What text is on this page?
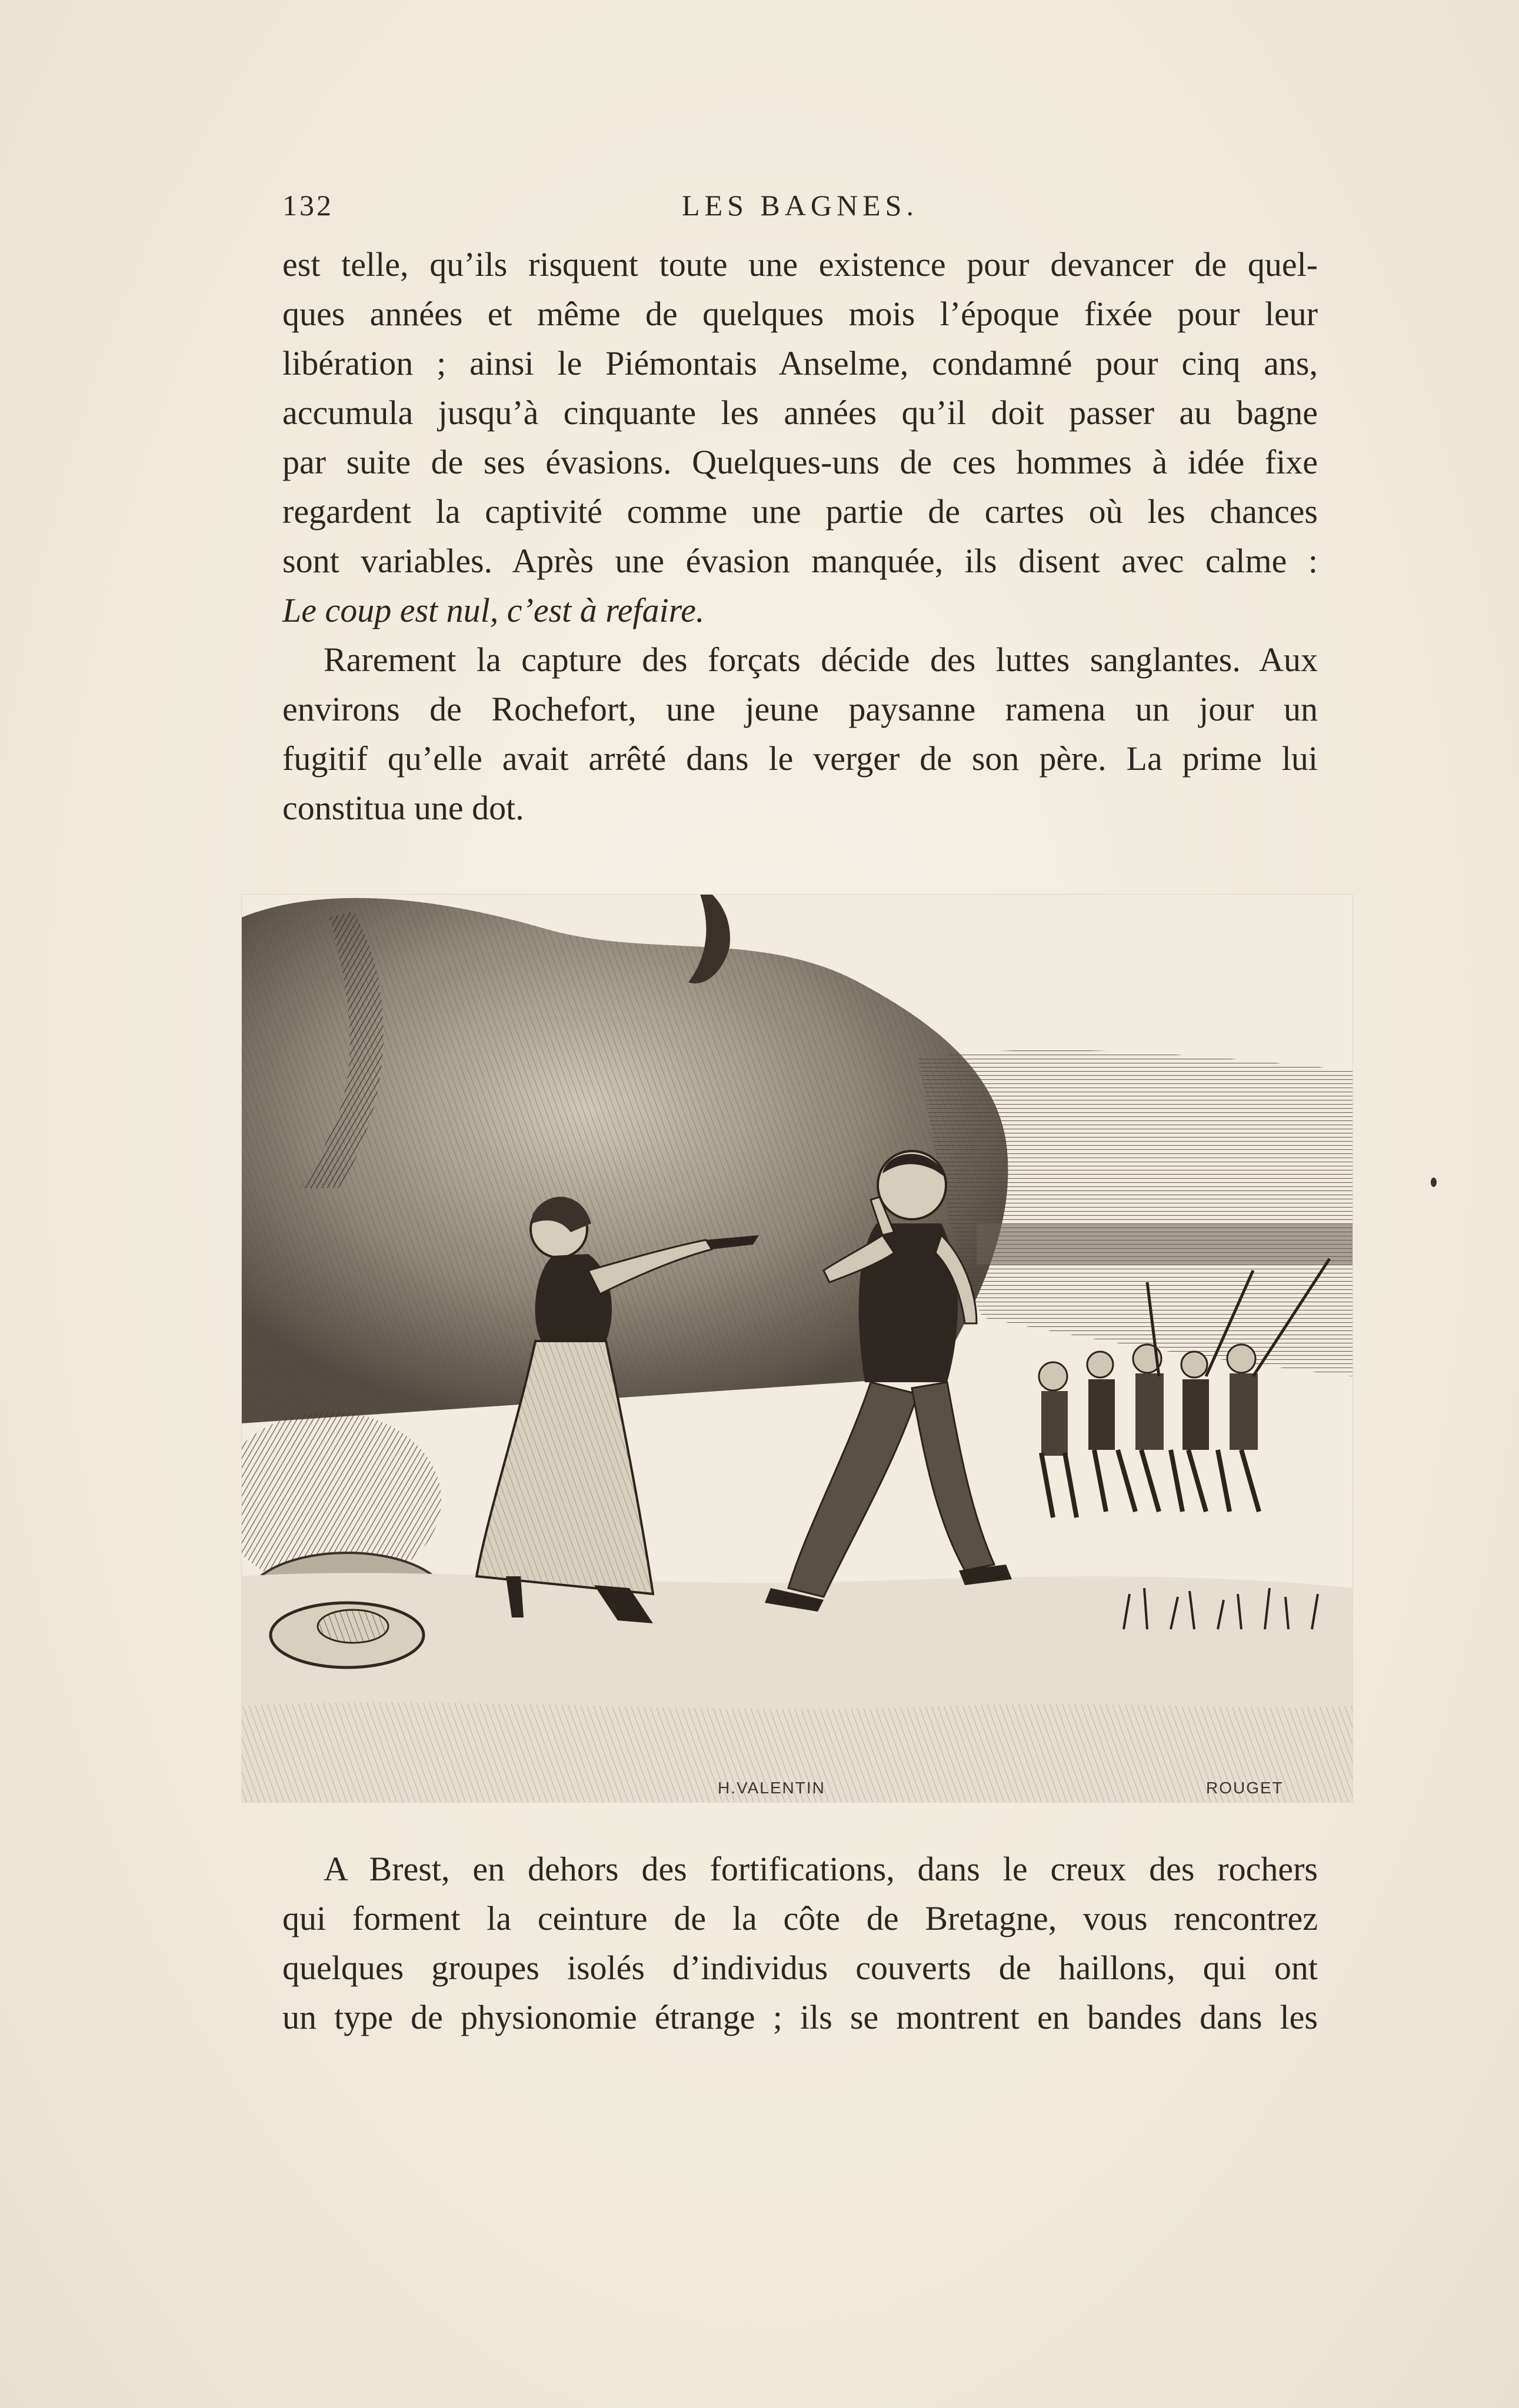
132	LES BAGNES.
est telle, qu’ils risquent toute une existence pour devancer de quel-
ques années et même de quelques mois l’époque fixée pour leur
libération ; ainsi le Piémontais Anselme, condamné pour cinq ans,
accumula jusqu’à cinquante les années qu’il doit passer au bagne
par suite de ses évasions. Quelques-uns de ces hommes à idée fixe
regardent la captivité comme une partie de cartes où les chances
sont variables. Après une évasion manquée, ils disent avec calme :
Le coup est nul, c’est à refaire.
Rarement la capture des forçats décide des luttes sanglantes. Aux
environs de Rochefort, une jeune paysanne ramena un jour un
fugitif qu’elle avait arrêté dans le verger de son père. La prime lui
constitua une dot.
H.VALENTIN	ROUGET
A Brest, en dehors des fortifications, dans le creux des rochers
qui forment la ceinture de la côte de Bretagne, vous rencontrez
quelques groupes isolés d’individus couverts de haillons, qui ont
un type de physionomie étrange ; ils se montrent en bandes dans les
